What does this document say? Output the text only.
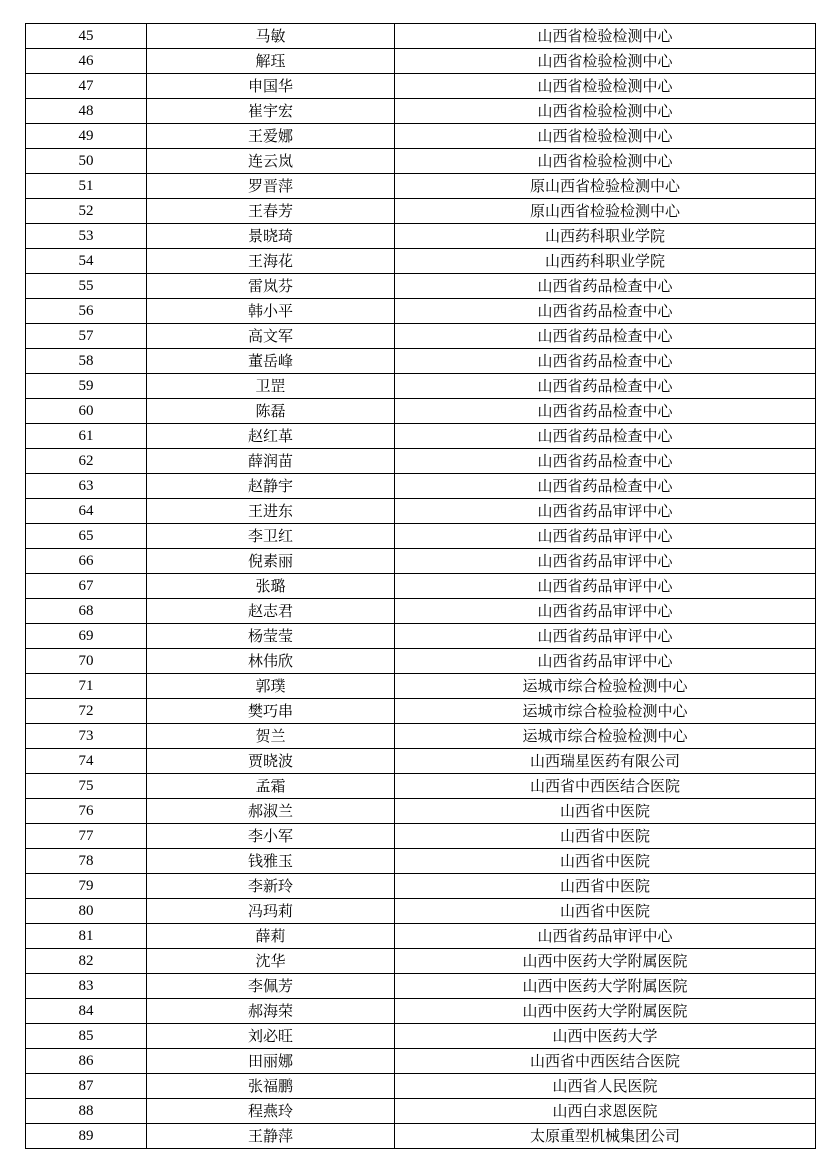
45	马敏	山西省检验检测中心
46	解珏	山西省检验检测中心
47	申国华	山西省检验检测中心
48	崔宇宏	山西省检验检测中心
49	王爱娜	山西省检验检测中心
50	连云岚	山西省检验检测中心
51	罗晋萍	原山西省检验检测中心
52	王春芳	原山西省检验检测中心
53	景晓琦	山西药科职业学院
54	王海花	山西药科职业学院
55	雷岚芬	山西省药品检查中心
56	韩小平	山西省药品检查中心
57	高文军	山西省药品检查中心
58	董岳峰	山西省药品检查中心
59	卫罡	山西省药品检查中心
60	陈磊	山西省药品检查中心
61	赵红革	山西省药品检查中心
62	薛润苗	山西省药品检查中心
63	赵静宇	山西省药品检查中心
64	王进东	山西省药品审评中心
65	李卫红	山西省药品审评中心
66	倪素丽	山西省药品审评中心
67	张璐	山西省药品审评中心
68	赵志君	山西省药品审评中心
69	杨莹莹	山西省药品审评中心
70	林伟欣	山西省药品审评中心
71	郭璞	运城市综合检验检测中心
72	樊巧串	运城市综合检验检测中心
73	贺兰	运城市综合检验检测中心
74	贾晓波	山西瑞星医药有限公司
75	孟霜	山西省中西医结合医院
76	郝淑兰	山西省中医院
77	李小军	山西省中医院
78	钱雅玉	山西省中医院
79	李新玲	山西省中医院
80	冯玛莉	山西省中医院
81	薛莉	山西省药品审评中心
82	沈华	山西中医药大学附属医院
83	李佩芳	山西中医药大学附属医院
84	郝海荣	山西中医药大学附属医院
85	刘必旺	山西中医药大学
86	田丽娜	山西省中西医结合医院
87	张福鹏	山西省人民医院
88	程燕玲	山西白求恩医院
89	王静萍	太原重型机械集团公司
